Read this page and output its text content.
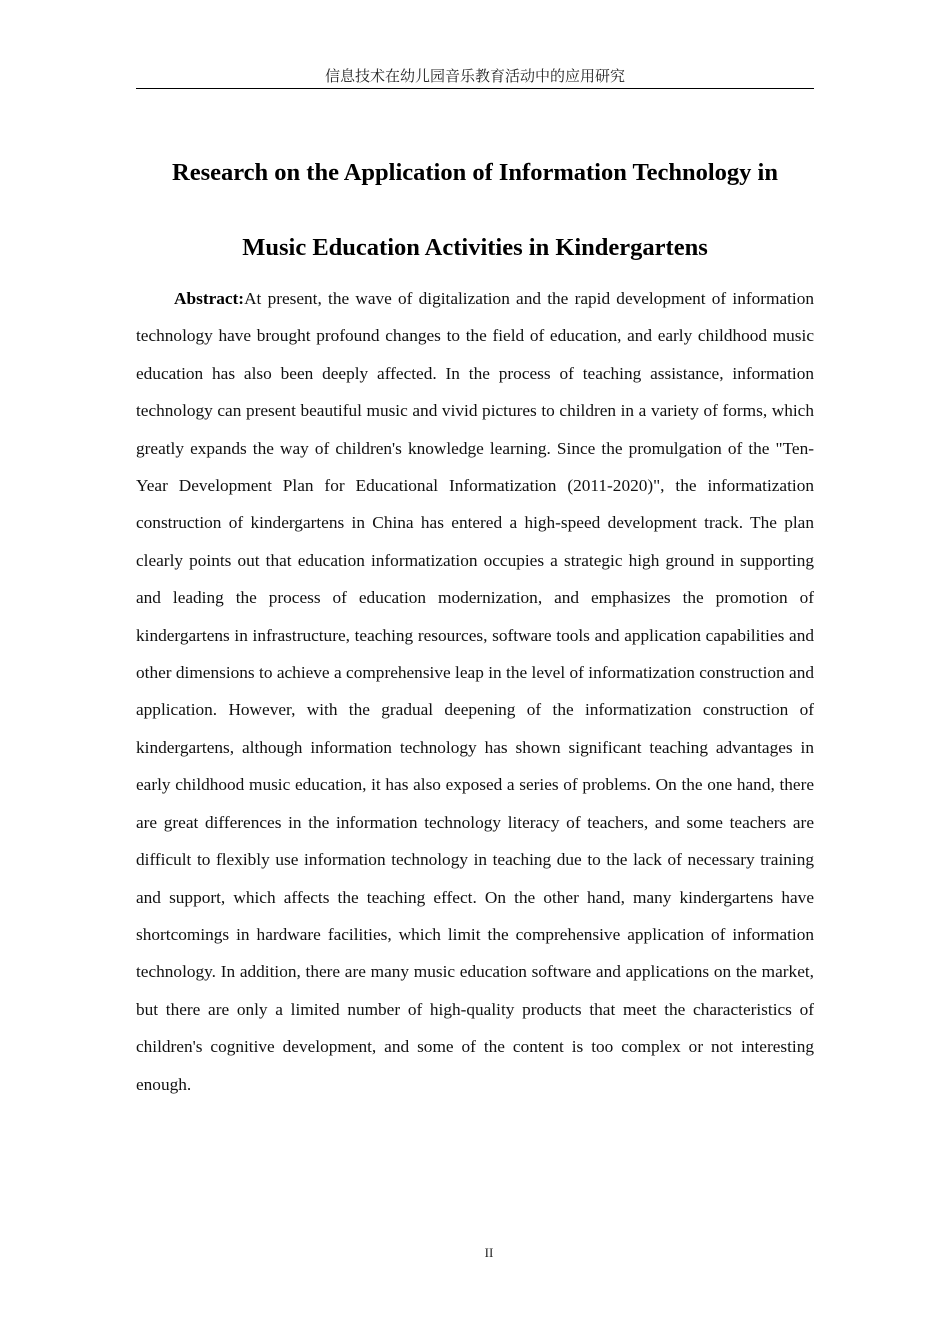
信息技术在幼儿园音乐教育活动中的应用研究
Research on the Application of Information Technology in
Music Education Activities in Kindergartens

Abstract:At present, the wave of digitalization and the rapid development of information technology have brought profound changes to the field of education, and early childhood music education has also been deeply affected. In the process of teaching assistance, information technology can present beautiful music and vivid pictures to children in a variety of forms, which greatly expands the way of children's knowledge learning. Since the promulgation of the "Ten-Year Development Plan for Educational Informatization (2011-2020)", the informatization construction of kindergartens in China has entered a high-speed development track. The plan clearly points out that education informatization occupies a strategic high ground in supporting and leading the process of education modernization, and emphasizes the promotion of kindergartens in infrastructure, teaching resources, software tools and application capabilities and other dimensions to achieve a comprehensive leap in the level of informatization construction and application. However, with the gradual deepening of the informatization construction of kindergartens, although information technology has shown significant teaching advantages in early childhood music education, it has also exposed a series of problems. On the one hand, there are great differences in the information technology literacy of teachers, and some teachers are difficult to flexibly use information technology in teaching due to the lack of necessary training and support, which affects the teaching effect. On the other hand, many kindergartens have shortcomings in hardware facilities, which limit the comprehensive application of information technology. In addition, there are many music education software and applications on the market, but there are only a limited number of high-quality products that meet the characteristics of children's cognitive development, and some of the content is too complex or not interesting enough.

II
